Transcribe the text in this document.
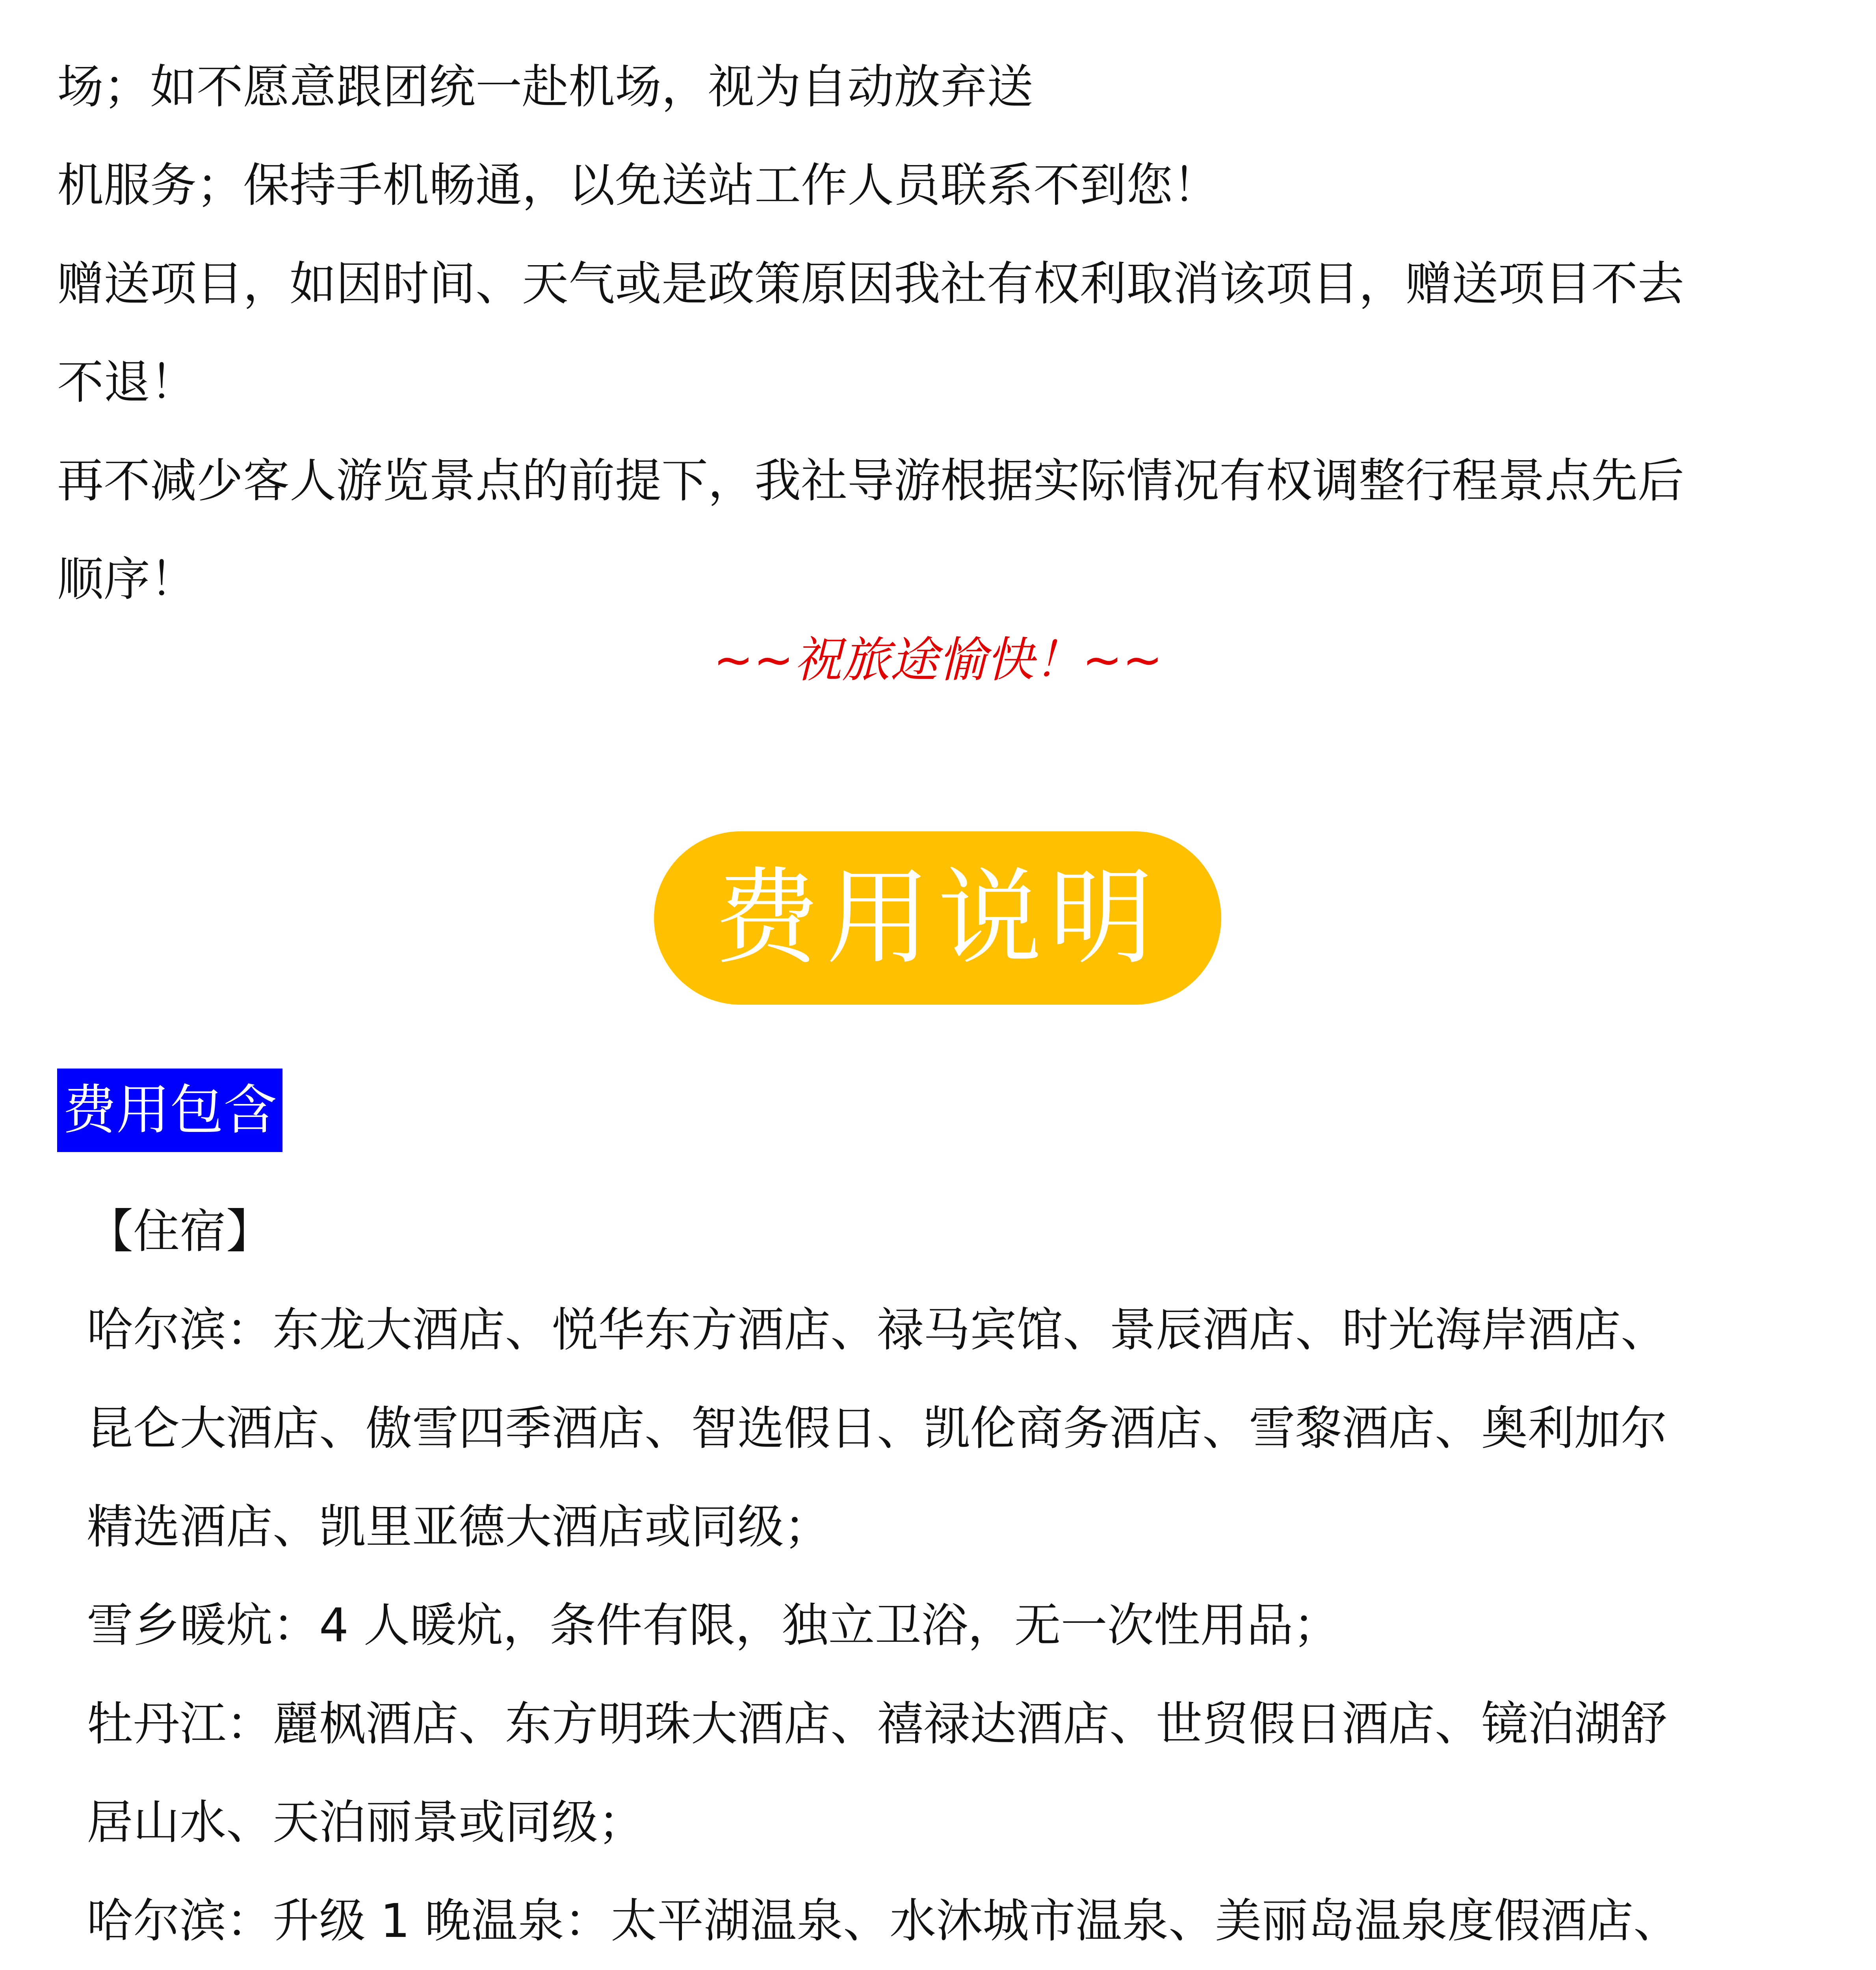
场；如不愿意跟团统一赴机场，视为自动放弃送
机服务；保持手机畅通，以免送站工作人员联系不到您！
赠送项目，如因时间、天气或是政策原因我社有权利取消该项目，赠送项目不去
不退！
再不减少客人游览景点的前提下，我社导游根据实际情况有权调整行程景点先后
顺序！
~~祝旅途愉快！~~
费用说明
费用包含
【住宿】
哈尔滨：东龙大酒店、悦华东方酒店、禄马宾馆、景辰酒店、时光海岸酒店、
昆仑大酒店、傲雪四季酒店、智选假日、凯伦商务酒店、雪黎酒店、奥利加尔
精选酒店、凯里亚德大酒店或同级；
雪乡暖炕：4 人暖炕，条件有限，独立卫浴，无一次性用品；
牡丹江：麗枫酒店、东方明珠大酒店、禧禄达酒店、世贸假日酒店、镜泊湖舒
居山水、天泊丽景或同级；
哈尔滨：升级 1 晚温泉：太平湖温泉、水沐城市温泉、美丽岛温泉度假酒店、
